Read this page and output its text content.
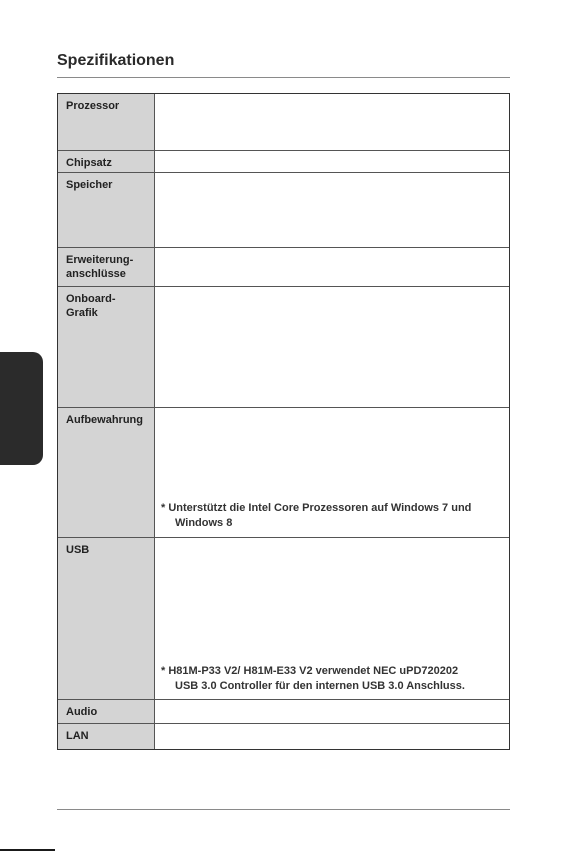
Spezifikationen
Prozessor
Chipsatz
Speicher
Erweiterung-
anschlüsse
Onboard-
Grafik
Aufbewahrung
* Unterstützt die Intel Core Prozessoren auf Windows 7 und
Windows 8
USB
* H81M-P33 V2/ H81M-E33 V2 verwendet NEC uPD720202
USB 3.0 Controller für den internen USB 3.0 Anschluss.
Audio
LAN
